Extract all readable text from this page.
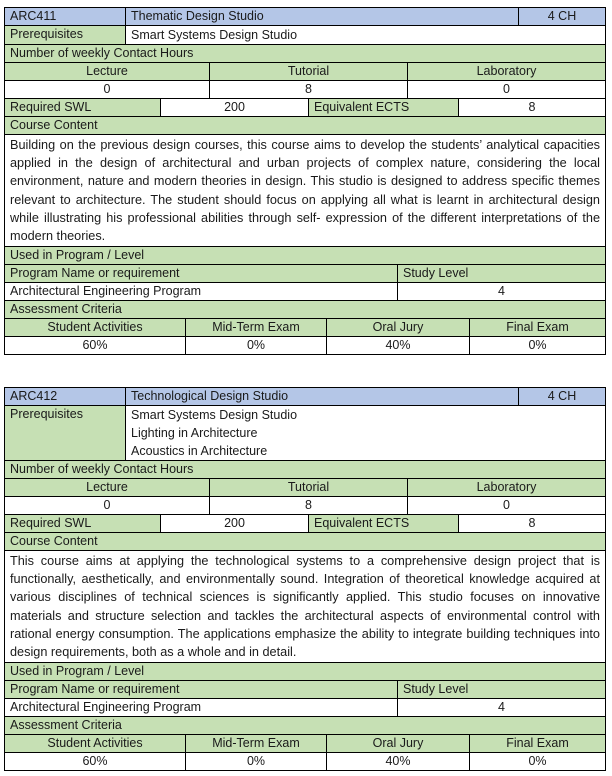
ARC411	Thematic Design Studio	4 CH
Prerequisites	Smart Systems Design Studio
Number of weekly Contact Hours
Lecture	Tutorial	Laboratory
0	8	0
Required SWL	200	Equivalent ECTS	8
Course Content
Building on the previous design courses, this course aims to develop the students’ analytical capacities applied in the design of architectural and urban projects of complex nature, considering the local environment, nature and modern theories in design. This studio is designed to address specific themes relevant to architecture. The student should focus on applying all what is learnt in architectural design while illustrating his professional abilities through self- expression of the different interpretations of the modern theories.
Used in Program / Level
Program Name or requirement	Study Level
Architectural Engineering Program	4
Assessment Criteria
Student Activities	Mid-Term Exam	Oral Jury	Final Exam
60%	0%	40%	0%
ARC412	Technological Design Studio	4 CH
Prerequisites	Smart Systems Design Studio
Lighting in Architecture
Acoustics in Architecture
Number of weekly Contact Hours
Lecture	Tutorial	Laboratory
0	8	0
Required SWL	200	Equivalent ECTS	8
Course Content
This course aims at applying the technological systems to a comprehensive design project that is functionally, aesthetically, and environmentally sound. Integration of theoretical knowledge acquired at various disciplines of technical sciences is significantly applied. This studio focuses on innovative materials and structure selection and tackles the architectural aspects of environmental control with rational energy consumption. The applications emphasize the ability to integrate building techniques into design requirements, both as a whole and in detail.
Used in Program / Level
Program Name or requirement	Study Level
Architectural Engineering Program	4
Assessment Criteria
Student Activities	Mid-Term Exam	Oral Jury	Final Exam
60%	0%	40%	0%
